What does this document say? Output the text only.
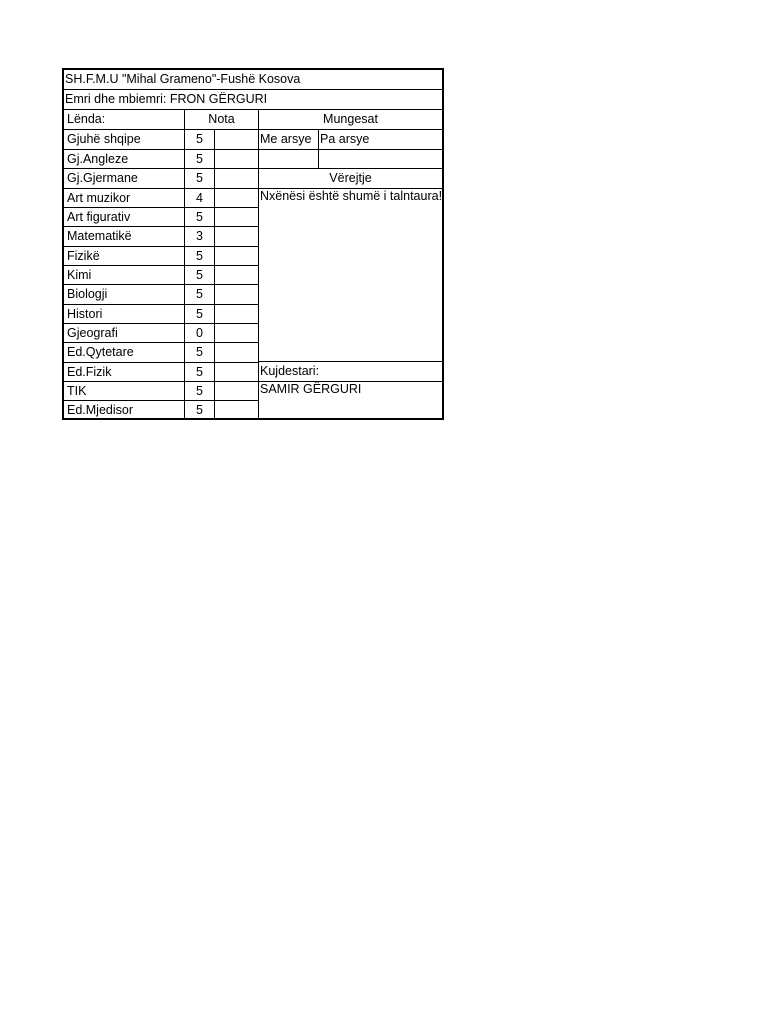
SH.F.M.U "Mihal Grameno"-Fushë Kosova
Emri dhe mbiemri: FRON GËRGURI
Lënda:	Nota	Mungesat
Me arsye Pa arsye
Vërejtje
Nxënësi është shumë i talntaura!
Kujdestari:
SAMIR GËRGURI
Gjuhë shqipe	5
Gj.Angleze	5
Gj.Gjermane	5
Art muzikor	4
Art figurativ	5
Matematikë	3
Fizikë	5
Kimi	5
Biologji	5
Histori	5
Gjeografi	0
Ed.Qytetare	5
Ed.Fizik	5
TIK	5
Ed.Mjedisor	5
